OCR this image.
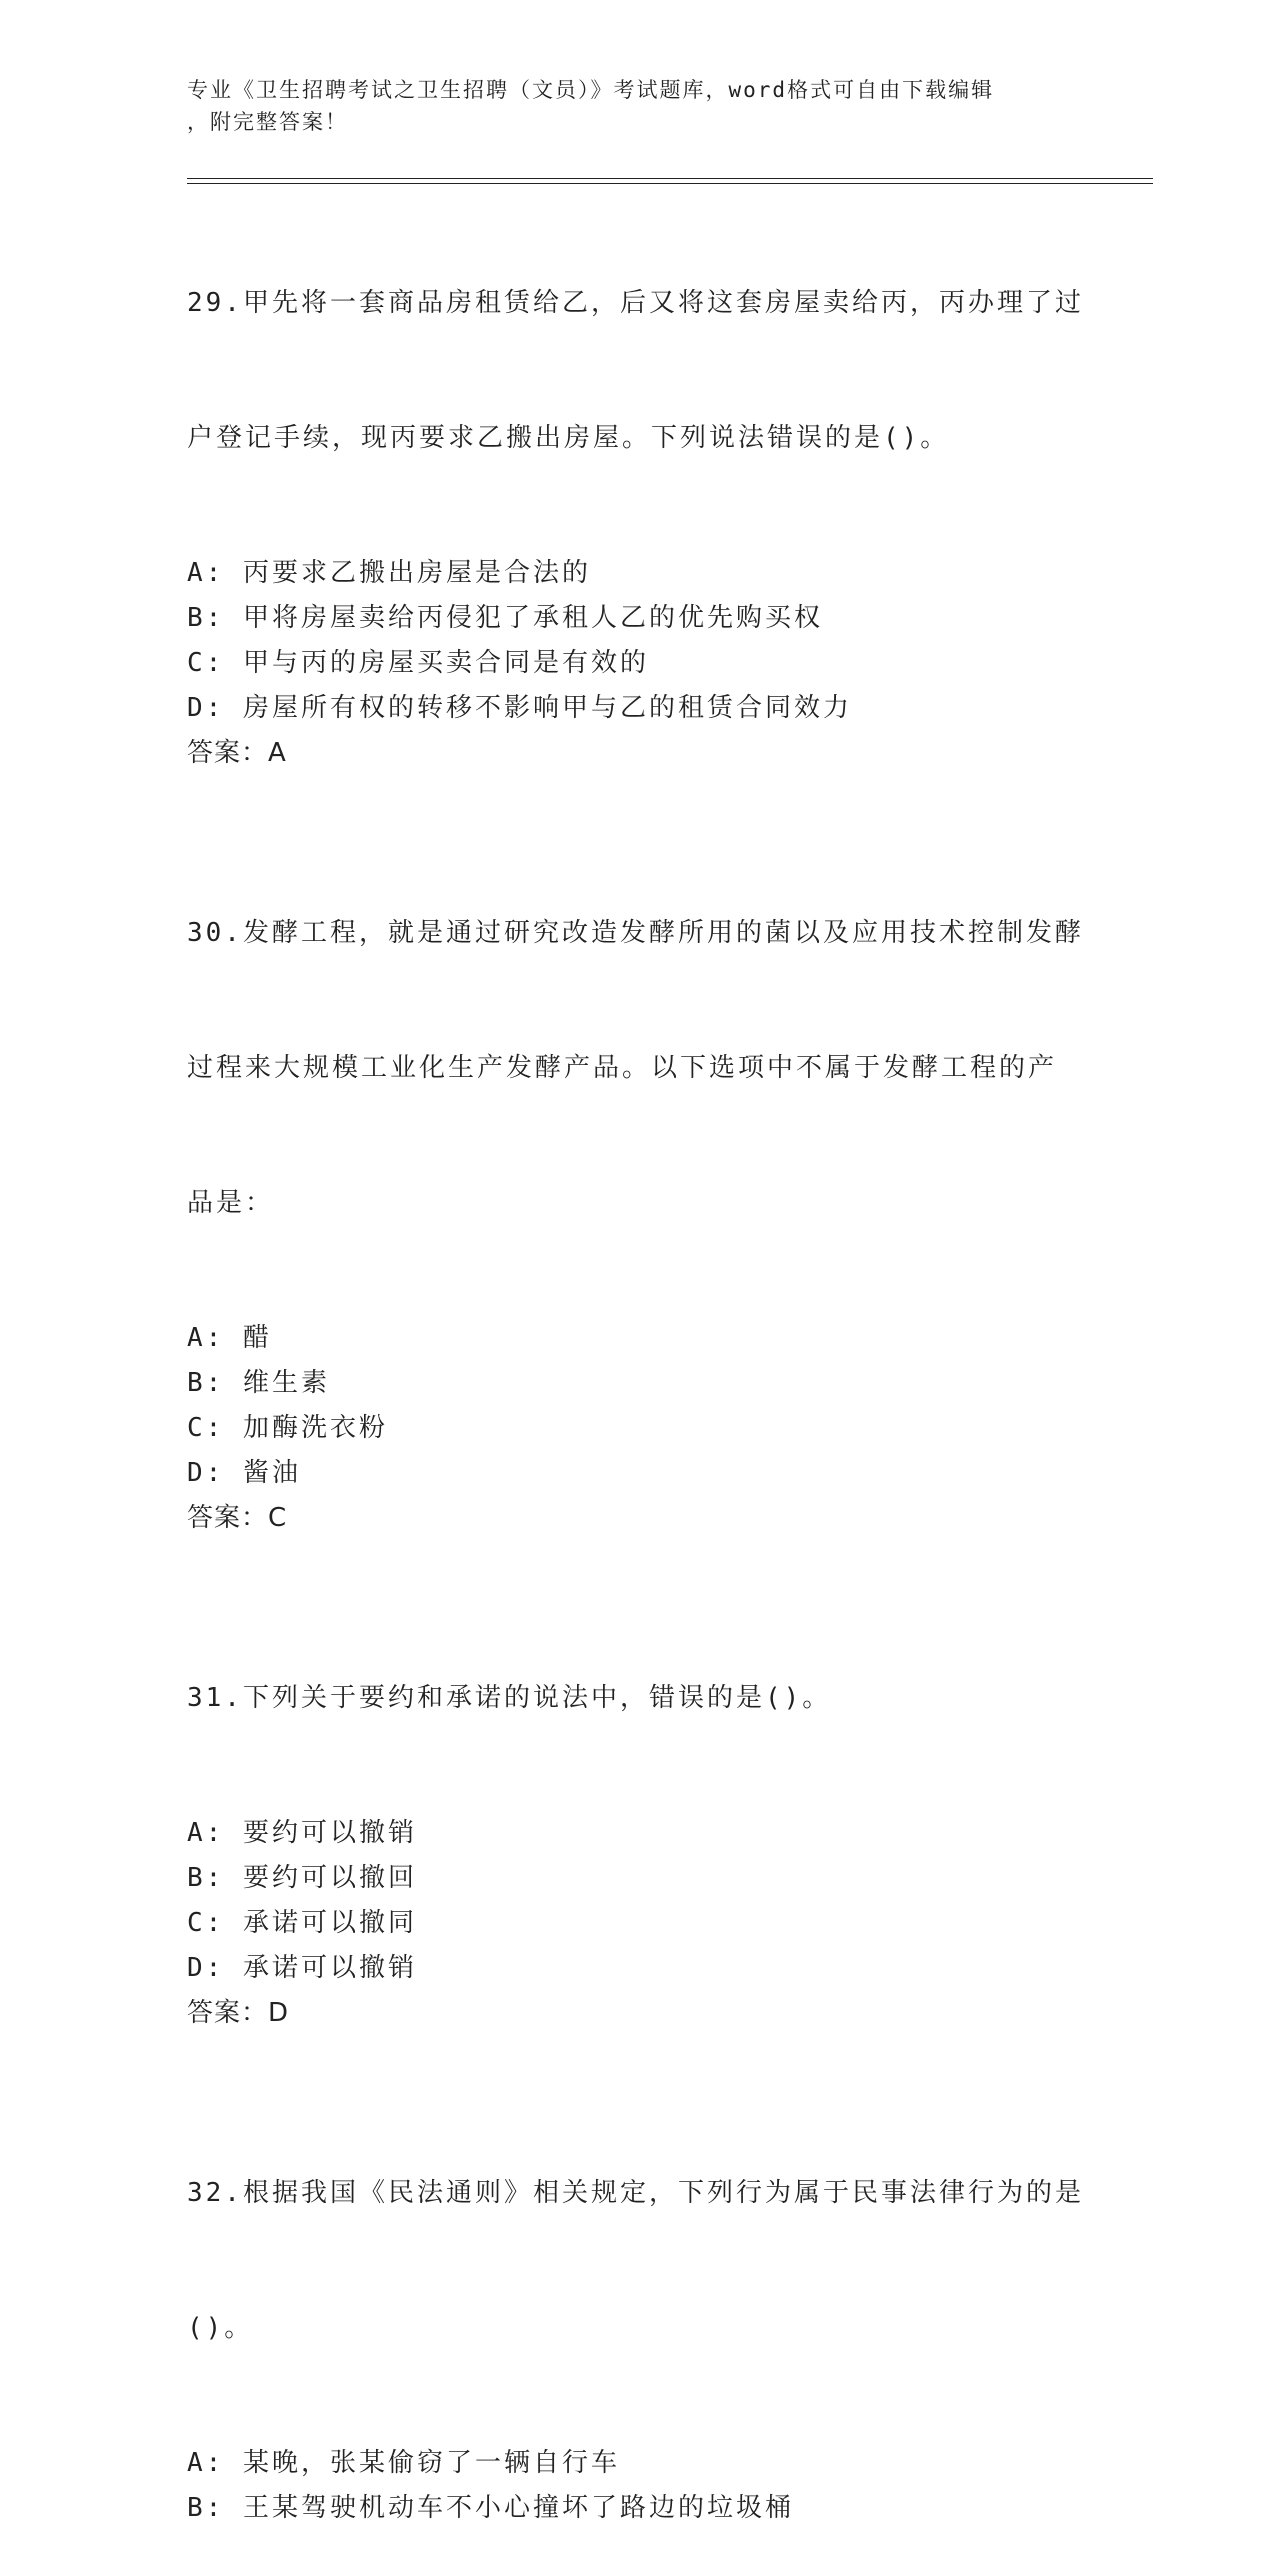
专业《卫生招聘考试之卫生招聘（文员）》考试题库，word格式可自由下载编辑
，附完整答案！

29.甲先将一套商品房租赁给乙，后又将这套房屋卖给丙，丙办理了过

户登记手续，现丙要求乙搬出房屋。下列说法错误的是()。

A: 丙要求乙搬出房屋是合法的
B: 甲将房屋卖给丙侵犯了承租人乙的优先购买权
C: 甲与丙的房屋买卖合同是有效的
D: 房屋所有权的转移不影响甲与乙的租赁合同效力
答案：A

30.发酵工程，就是通过研究改造发酵所用的菌以及应用技术控制发酵

过程来大规模工业化生产发酵产品。以下选项中不属于发酵工程的产

品是：

A: 醋
B: 维生素
C: 加酶洗衣粉
D: 酱油
答案：C

31.下列关于要约和承诺的说法中，错误的是()。

A: 要约可以撤销
B: 要约可以撤回
C: 承诺可以撤同
D: 承诺可以撤销
答案：D

32.根据我国《民法通则》相关规定，下列行为属于民事法律行为的是

()。

A: 某晚，张某偷窃了一辆自行车
B: 王某驾驶机动车不小心撞坏了路边的垃圾桶
